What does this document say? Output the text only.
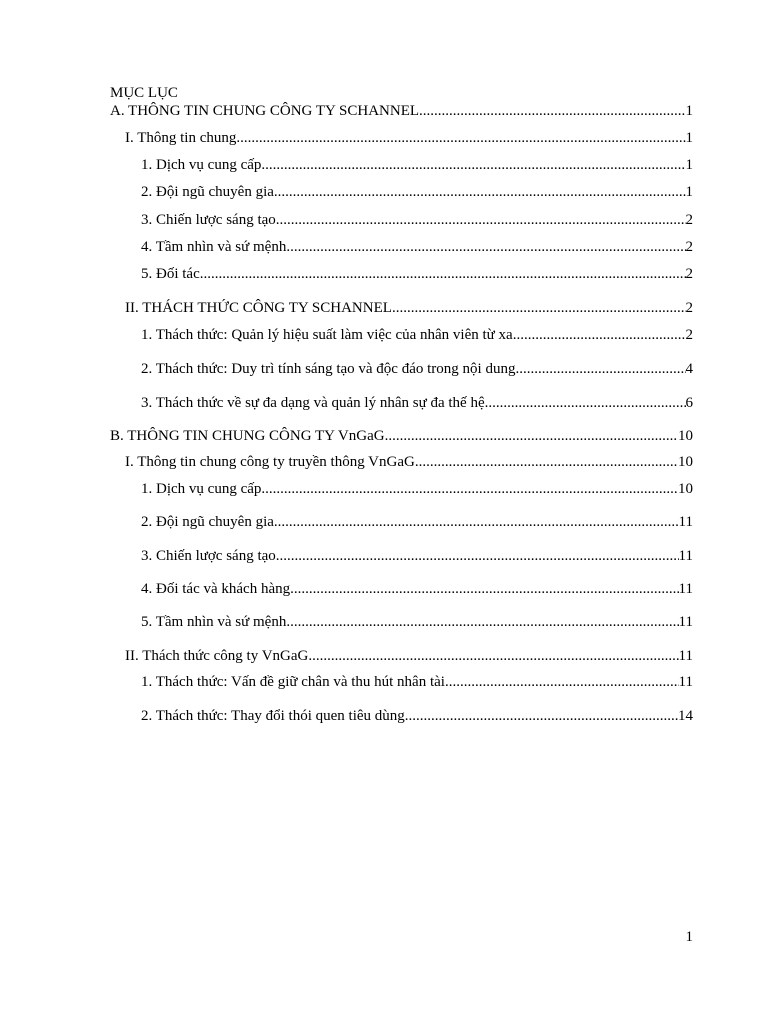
MỤC LỤC
A. THÔNG TIN CHUNG CÔNG TY SCHANNEL .....	1
I. Thông tin chung .....	1
1. Dịch vụ cung cấp .....	1
2. Đội ngũ chuyên gia .....	1
3. Chiến lược sáng tạo .....	2
4. Tầm nhìn và sứ mệnh .....	2
5. Đối tác .....	2
II. THÁCH THỨC CÔNG TY SCHANNEL .....	2
1. Thách thức: Quản lý hiệu suất làm việc của nhân viên từ xa .....	2
2. Thách thức: Duy trì tính sáng tạo và độc đáo trong nội dung .....	4
3. Thách thức về sự đa dạng và quản lý nhân sự đa thế hệ .....	6
B. THÔNG TIN CHUNG CÔNG TY VnGaG .....	10
I. Thông tin chung công ty truyền thông VnGaG .....	10
1. Dịch vụ cung cấp .....	10
2. Đội ngũ chuyên gia .....	11
3. Chiến lược sáng tạo .....	11
4. Đối tác và khách hàng .....	11
5. Tầm nhìn và sứ mệnh .....	11
II. Thách thức công ty VnGaG .....	11
1. Thách thức: Vấn đề giữ chân và thu hút nhân tài .....	11
2. Thách thức: Thay đổi thói quen tiêu dùng .....	14
1
